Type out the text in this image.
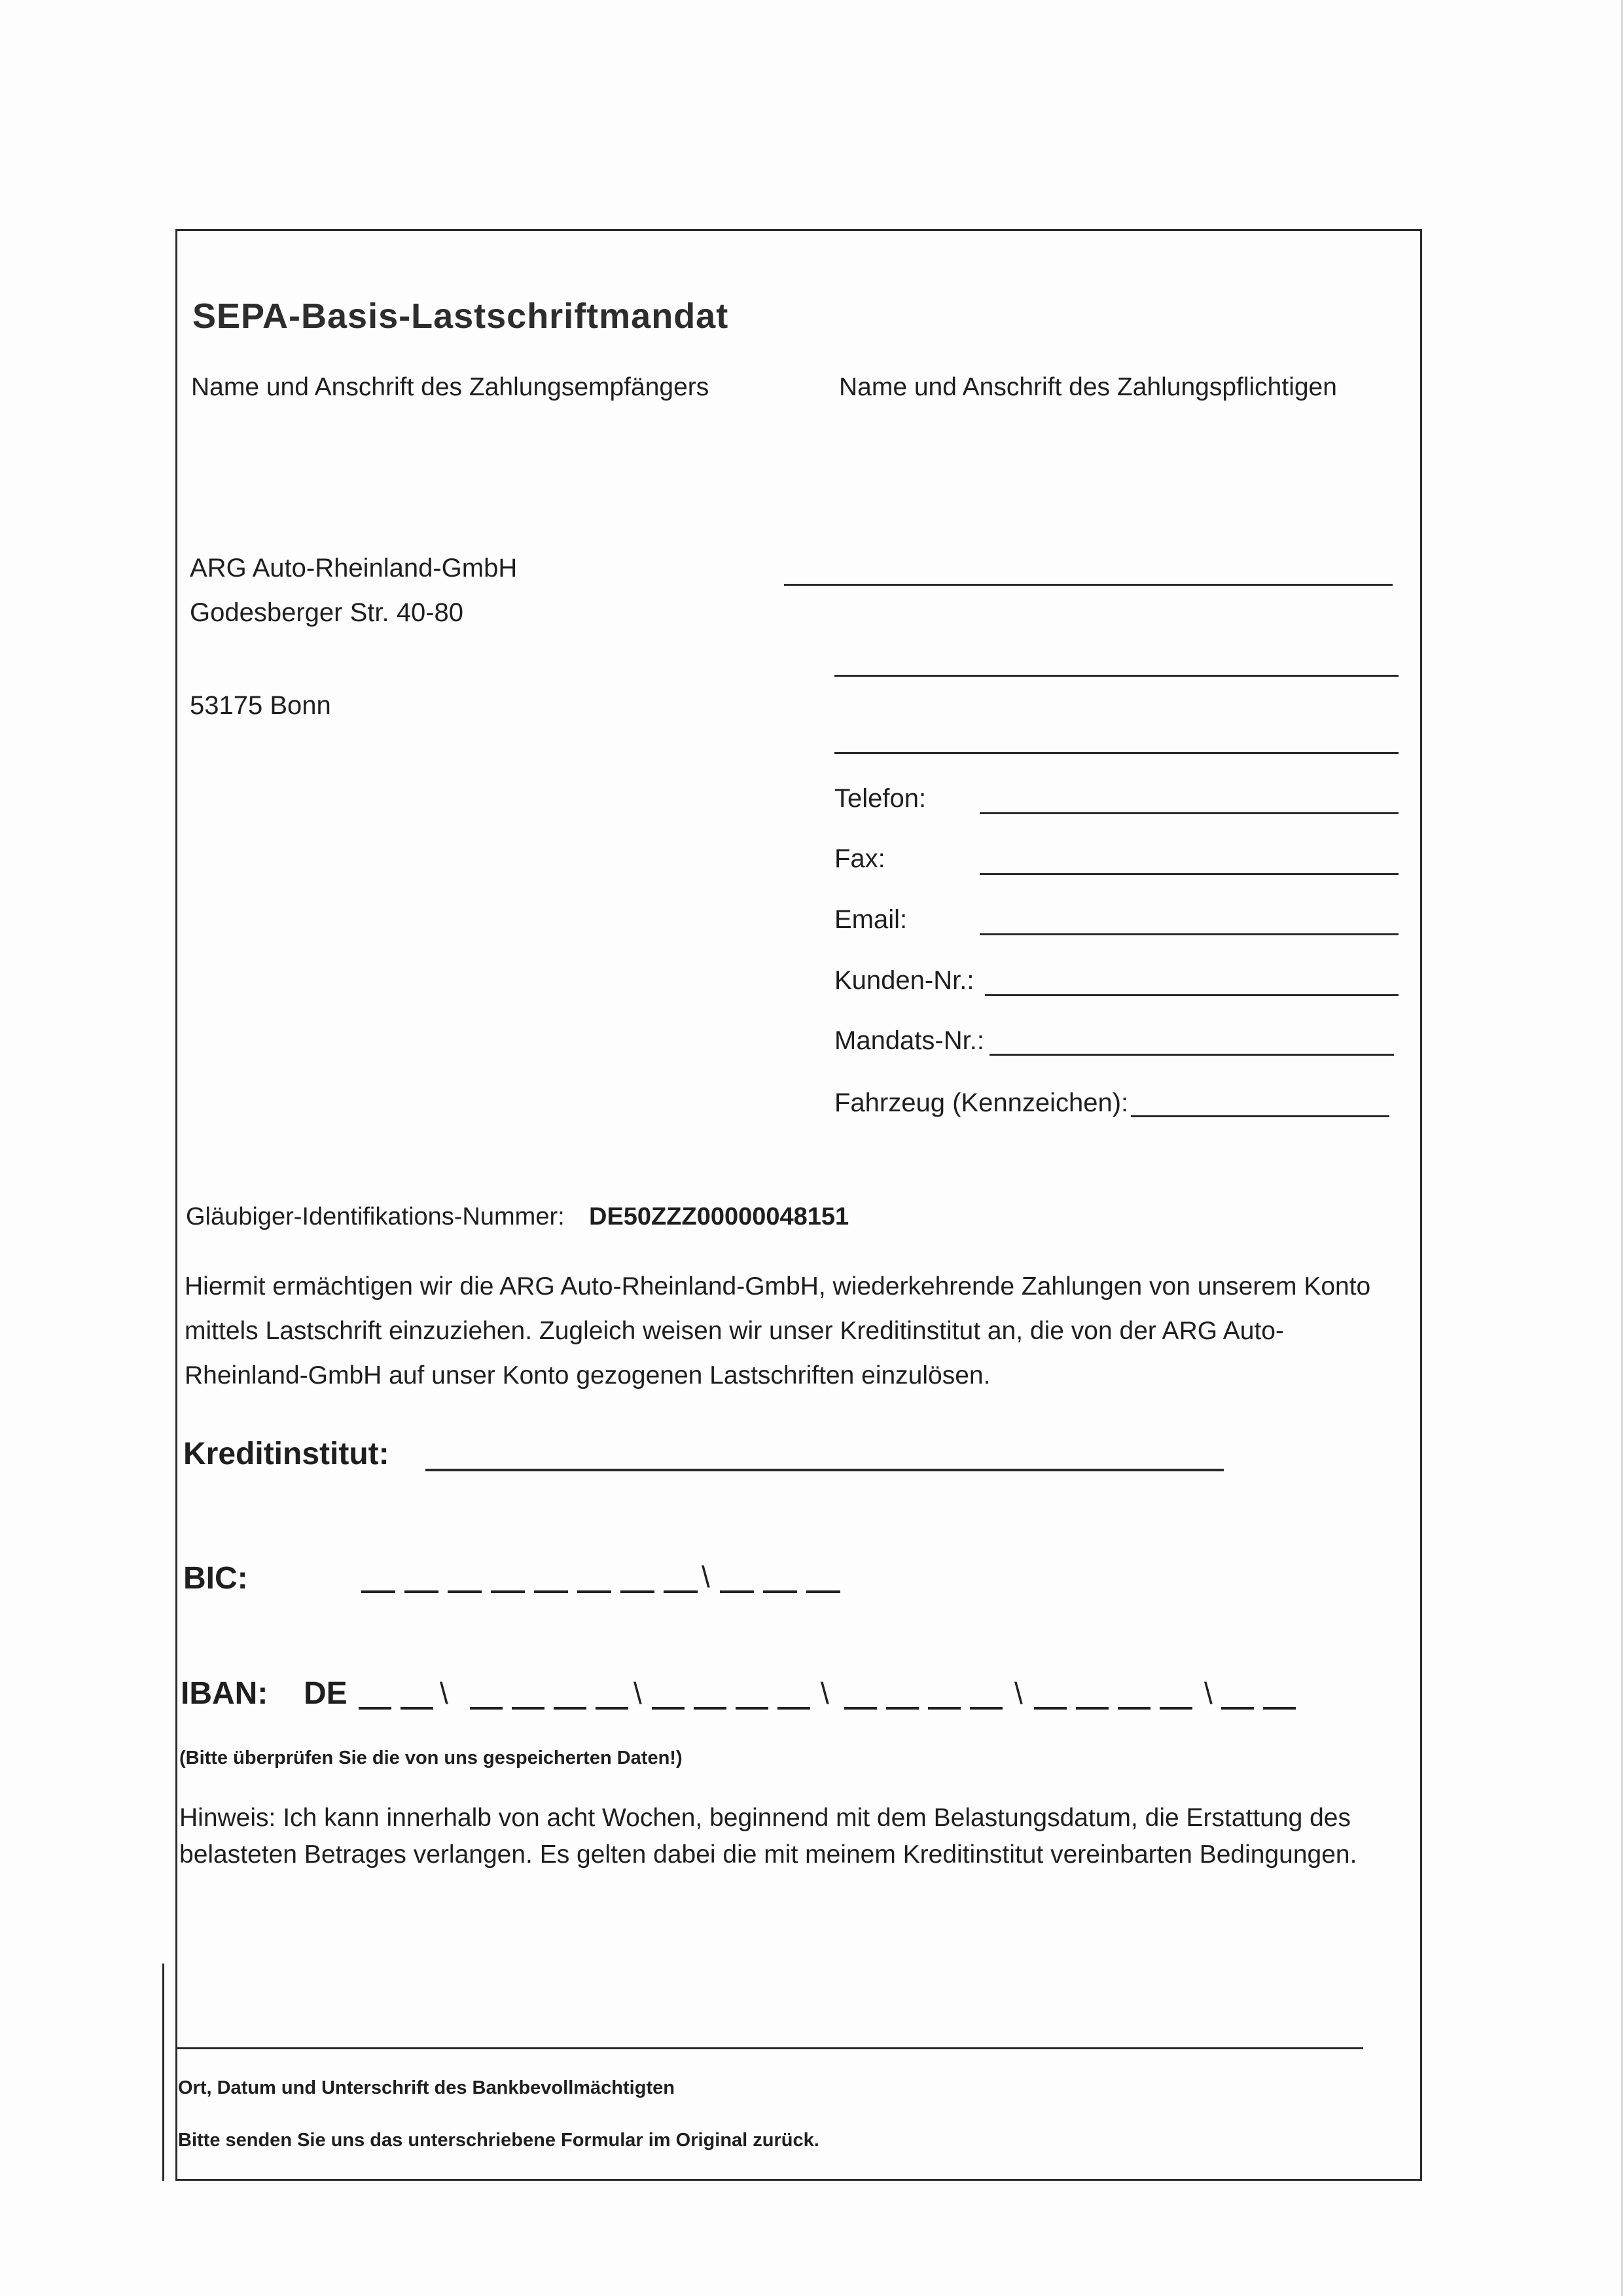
SEPA-Basis-Lastschriftmandat
Name und Anschrift des Zahlungsempfängers	Name und Anschrift des Zahlungspflichtigen
ARG Auto-Rheinland-GmbH
Godesberger Str. 40-80
53175 Bonn
Telefon:
Fax:
Email:
Kunden-Nr.:
Mandats-Nr.:
Fahrzeug (Kennzeichen):
Gläubiger-Identifikations-Nummer: DE50ZZZ00000048151
Hiermit ermächtigen wir die ARG Auto-Rheinland-GmbH, wiederkehrende Zahlungen von unserem Konto
mittels Lastschrift einzuziehen. Zugleich weisen wir unser Kreditinstitut an, die von der ARG Auto-
Rheinland-GmbH auf unser Konto gezogenen Lastschriften einzulösen.
Kreditinstitut:
BIC:	\
IBAN: DE	\	\	\	\	\
(Bitte überprüfen Sie die von uns gespeicherten Daten!)
Hinweis: Ich kann innerhalb von acht Wochen, beginnend mit dem Belastungsdatum, die Erstattung des
belasteten Betrages verlangen. Es gelten dabei die mit meinem Kreditinstitut vereinbarten Bedingungen.
Ort, Datum und Unterschrift des Bankbevollmächtigten
Bitte senden Sie uns das unterschriebene Formular im Original zurück.
